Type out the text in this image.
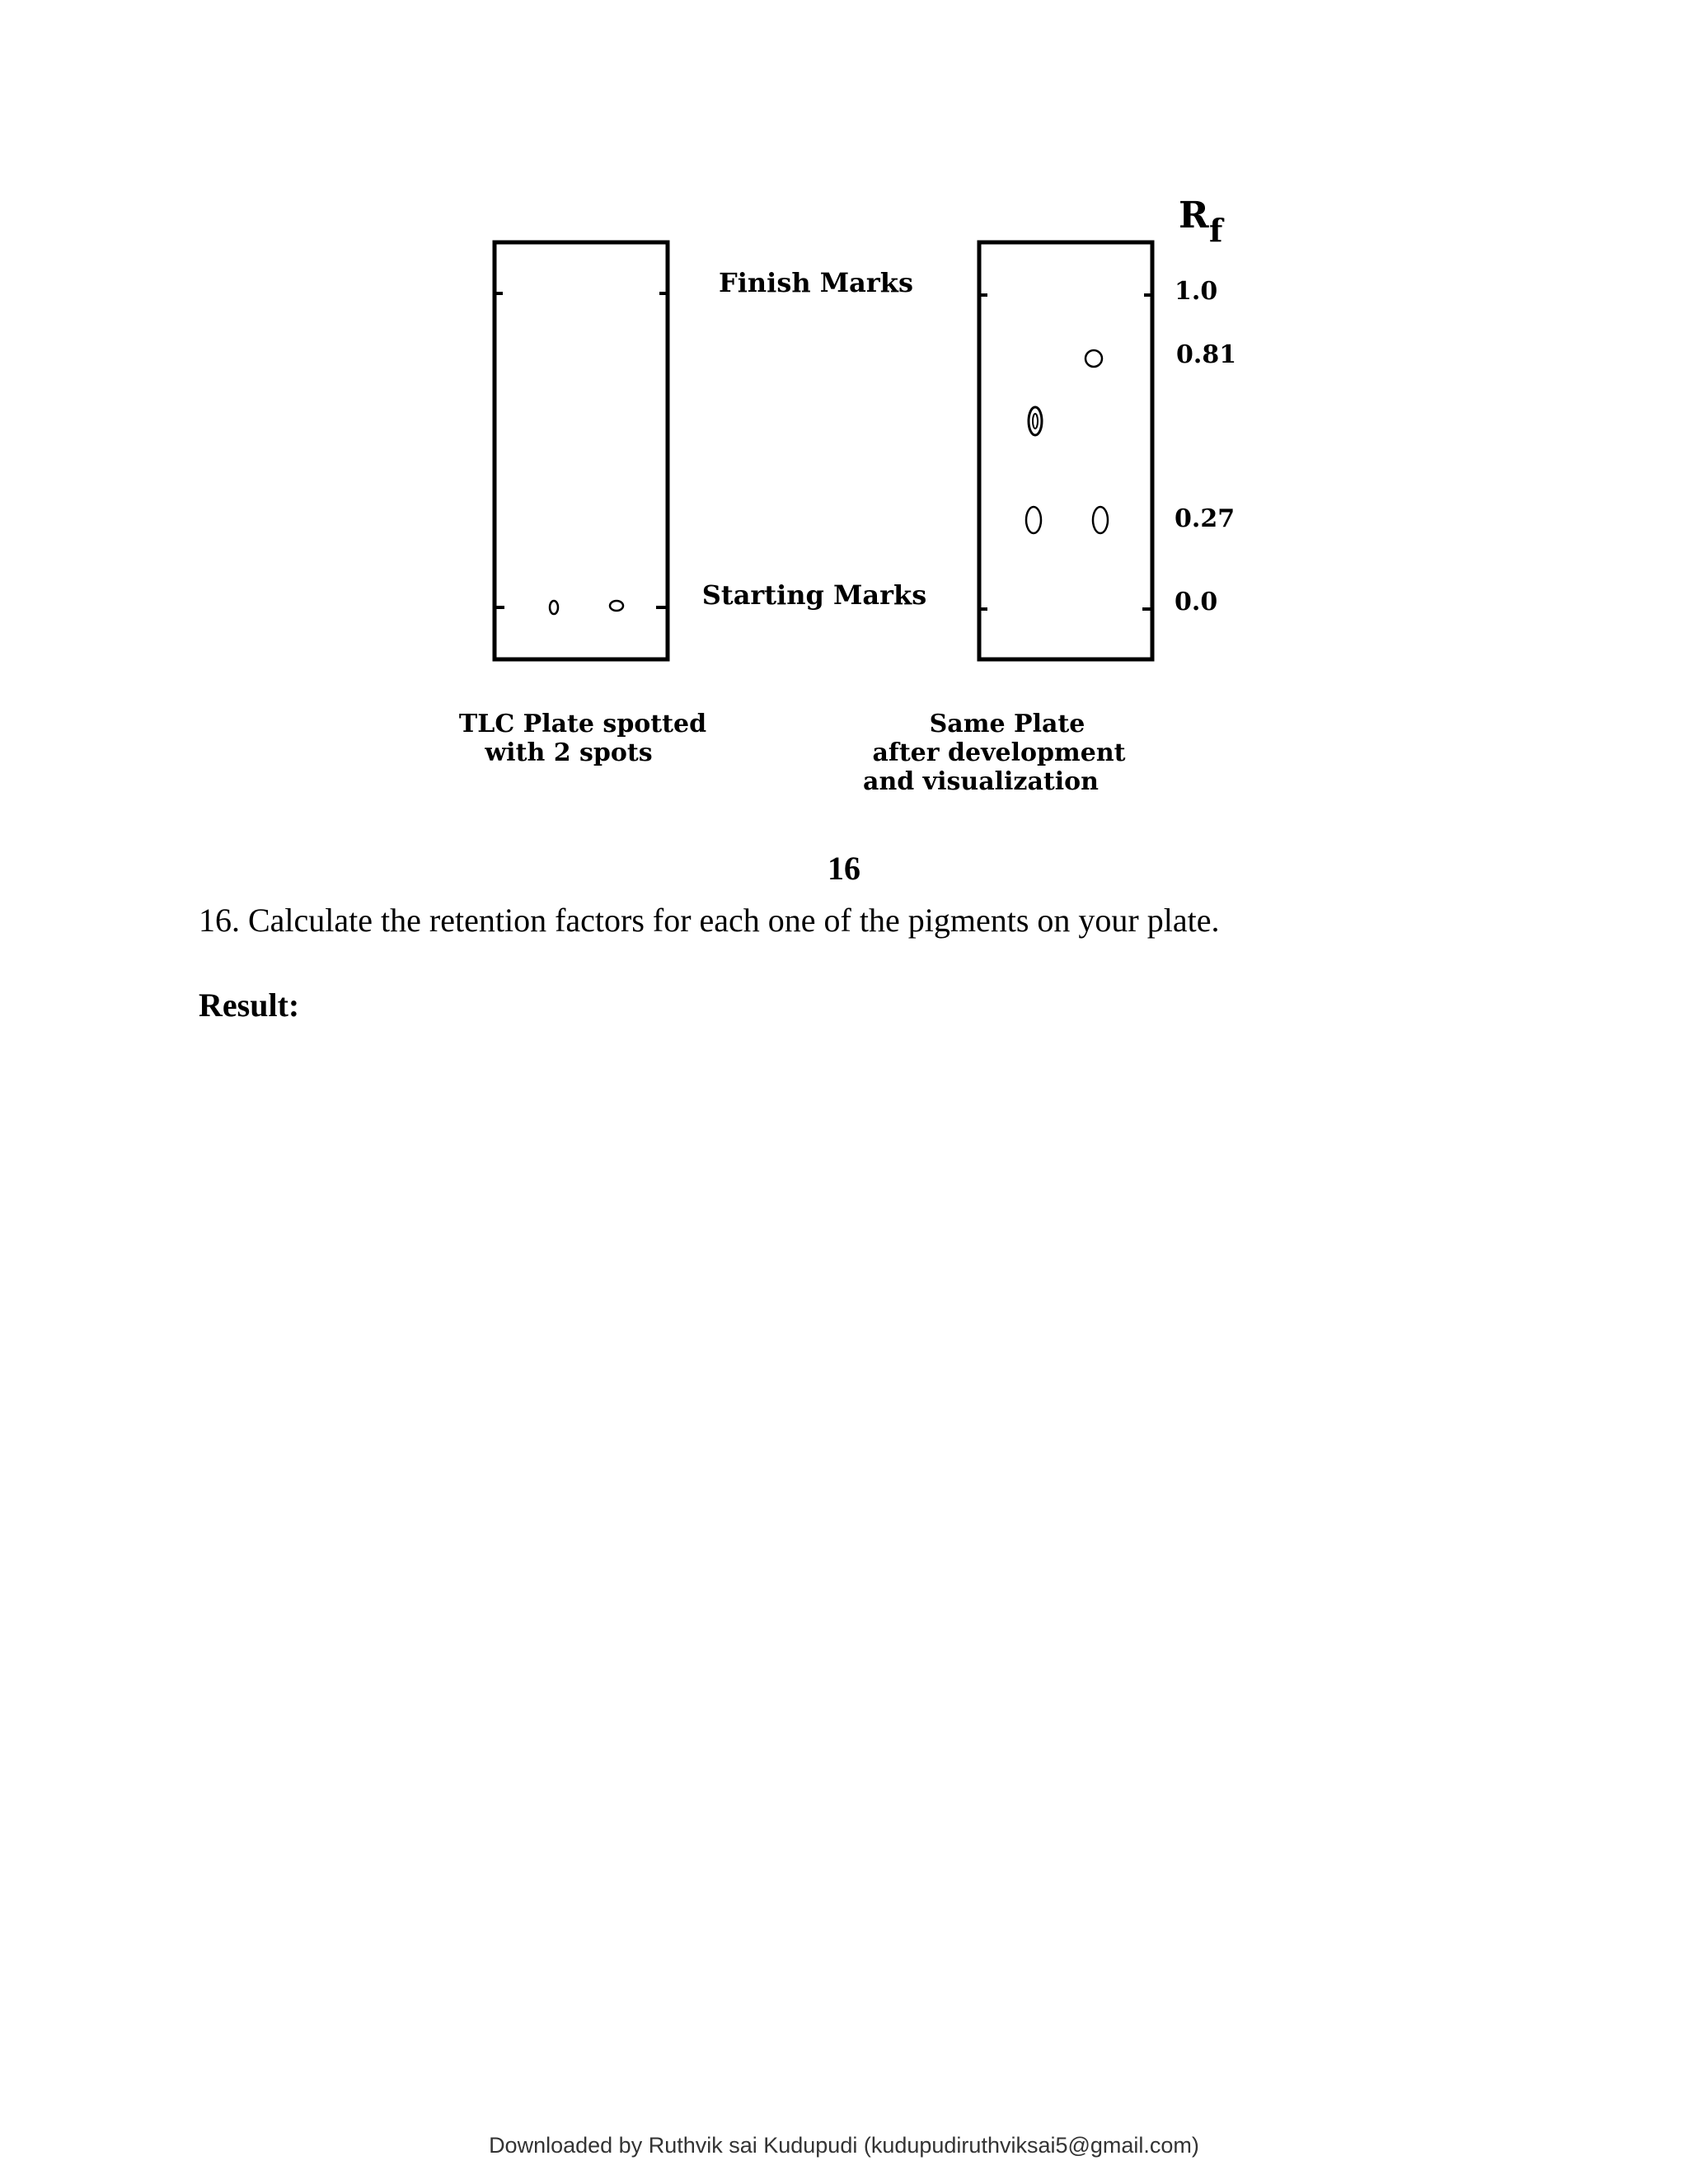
Finish Marks
Starting Marks
R f
1.0
0.81
0.27
0.0
TLC Plate spotted
with 2 spots
Same Plate
after development
and visualization
16
16. Calculate the retention factors for each one of the pigments on your plate.
Result:
Downloaded by Ruthvik sai Kudupudi (kudupudiruthviksai5@gmail.com)
